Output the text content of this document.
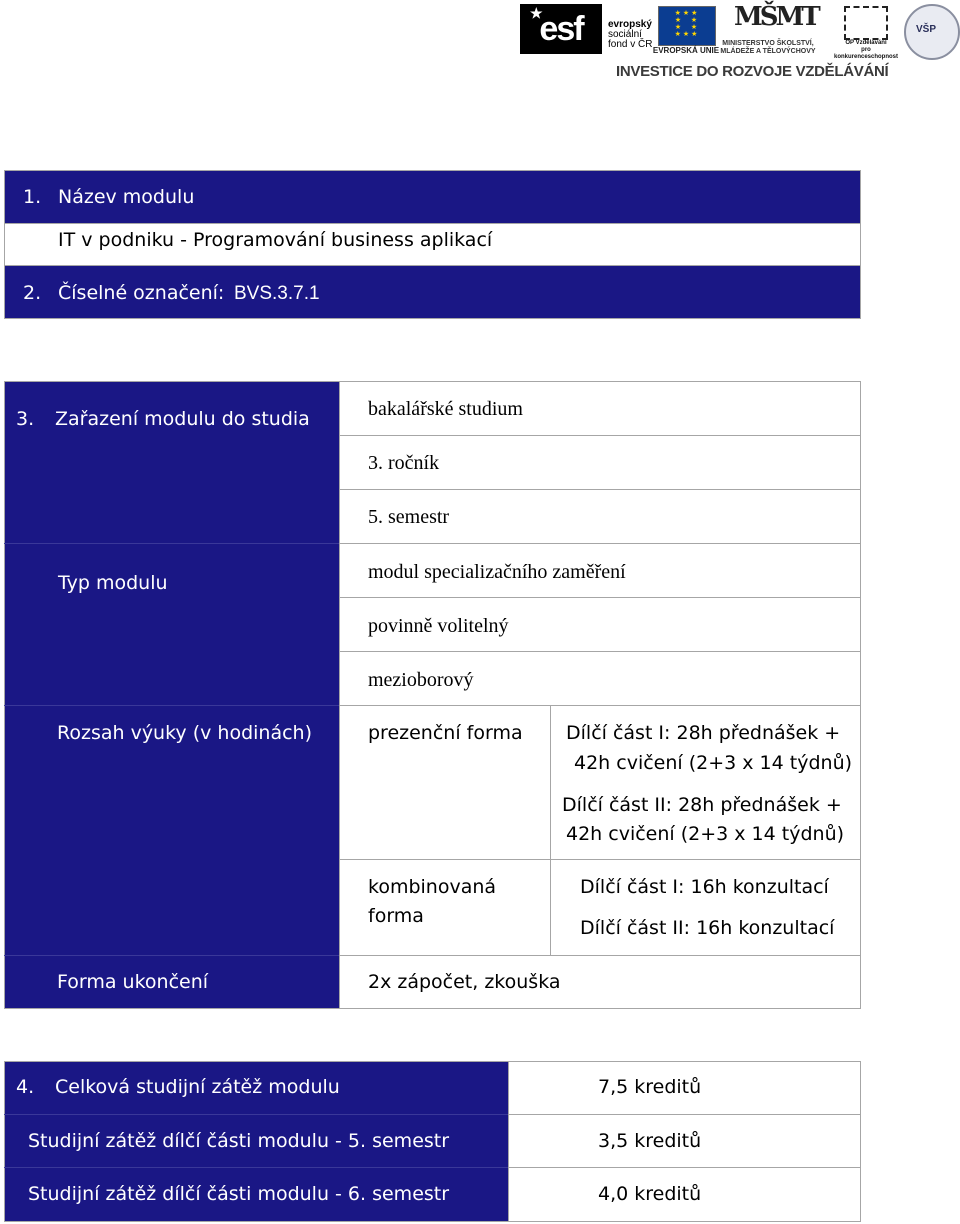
★
esf	evropský
sociální
fond v ČR
★ ★ ★
★     ★
★     ★
★ ★ ★
EVROPSKÁ UNIE
MŠMT
MINISTERSTVO ŠKOLSTVÍ,
MLÁDEŽE A TĚLOVÝCHOVY
OP Vzdělávání
pro konkurenceschopnost
VŠP
INVESTICE DO ROZVOJE VZDĚLÁVÁNÍ
1. Název modulu
IT v podniku - Programování business aplikací
2. Číselné označení: BVS.3.7.1
3. Zařazení modulu do studia
Typ modulu
Rozsah výuky (v hodinách)
Forma ukončení
bakalářské studium
3. ročník
5. semestr
modul specializačního zaměření
povinně volitelný
mezioborový
prezenční forma Dílčí část I: 28h přednášek +
42h cvičení (2+3 x 14 týdnů)
Dílčí část II: 28h přednášek +
42h cvičení (2+3 x 14 týdnů)
kombinovaná
forma
Dílčí část I: 16h konzultací
Dílčí část II: 16h konzultací
2x zápočet, zkouška
4. Celková studijní zátěž modulu
Studijní zátěž dílčí části modulu - 5. semestr
Studijní zátěž dílčí části modulu - 6. semestr
7,5 kreditů
3,5 kreditů
4,0 kreditů
